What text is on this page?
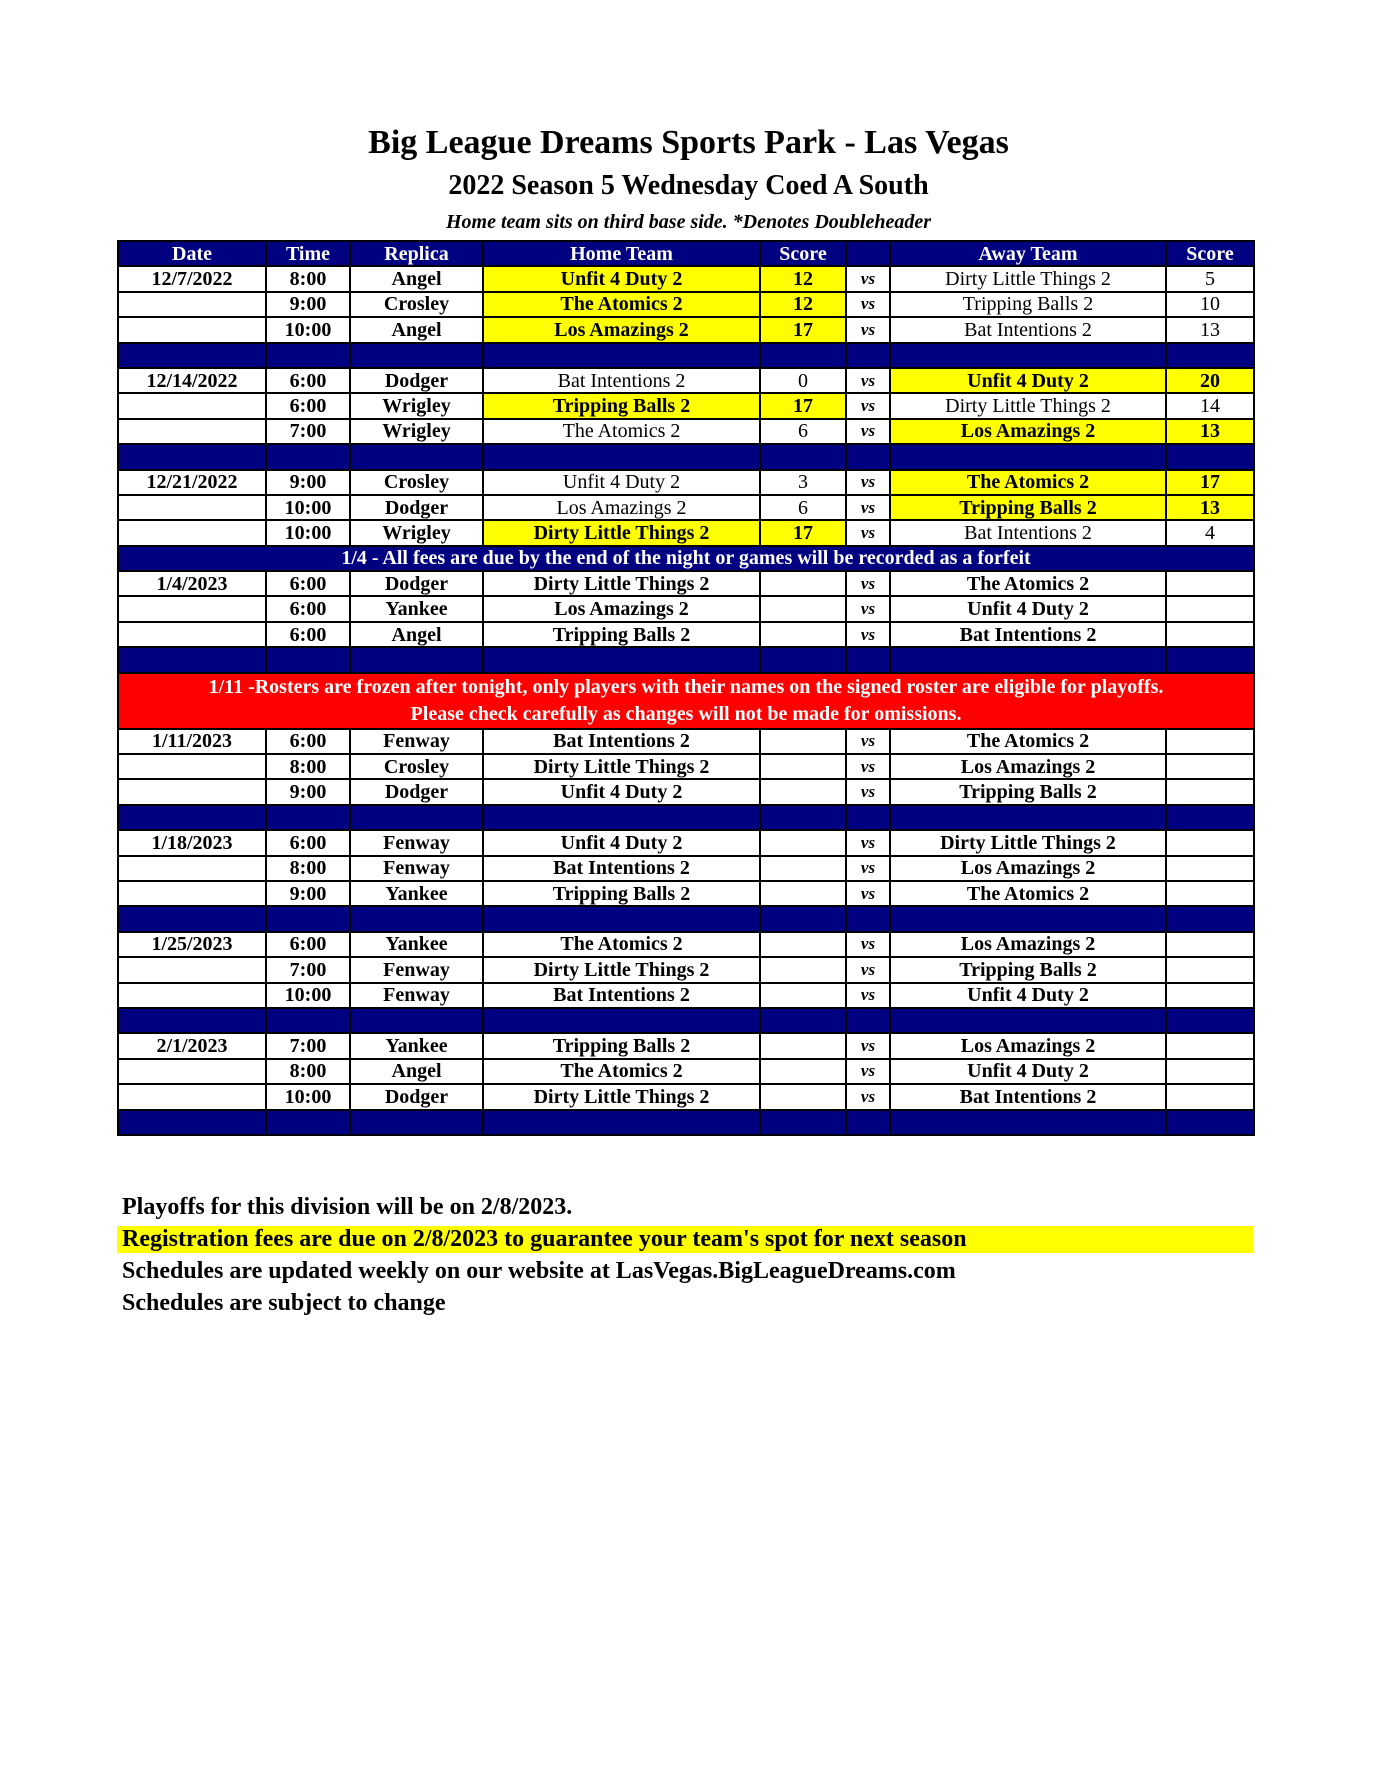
Big League Dreams Sports Park - Las Vegas
2022 Season 5 Wednesday Coed A South
Home team sits on third base side. *Denotes Doubleheader
Date	Time	Replica	Home Team	Score		Away Team	Score
12/7/2022	8:00	Angel	Unfit 4 Duty 2	12	vs	Dirty Little Things 2	5
	9:00	Crosley	The Atomics 2	12	vs	Tripping Balls 2	10
	10:00	Angel	Los Amazings 2	17	vs	Bat Intentions 2	13

12/14/2022	6:00	Dodger	Bat Intentions 2	0	vs	Unfit 4 Duty 2	20
	6:00	Wrigley	Tripping Balls 2	17	vs	Dirty Little Things 2	14
	7:00	Wrigley	The Atomics 2	6	vs	Los Amazings 2	13

12/21/2022	9:00	Crosley	Unfit 4 Duty 2	3	vs	The Atomics 2	17
	10:00	Dodger	Los Amazings 2	6	vs	Tripping Balls 2	13
	10:00	Wrigley	Dirty Little Things 2	17	vs	Bat Intentions 2	4
1/4 - All fees are due by the end of the night or games will be recorded as a forfeit							
1/4/2023	6:00	Dodger	Dirty Little Things 2		vs	The Atomics 2	
	6:00	Yankee	Los Amazings 2		vs	Unfit 4 Duty 2	
	6:00	Angel	Tripping Balls 2		vs	Bat Intentions 2	

1/11 -Rosters are frozen after tonight, only players with their names on the signed roster are eligible for playoffs.
Please check carefully as changes will not be made for omissions.							
1/11/2023	6:00	Fenway	Bat Intentions 2		vs	The Atomics 2	
	8:00	Crosley	Dirty Little Things 2		vs	Los Amazings 2	
	9:00	Dodger	Unfit 4 Duty 2		vs	Tripping Balls 2	

1/18/2023	6:00	Fenway	Unfit 4 Duty 2		vs	Dirty Little Things 2	
	8:00	Fenway	Bat Intentions 2		vs	Los Amazings 2	
	9:00	Yankee	Tripping Balls 2		vs	The Atomics 2	

1/25/2023	6:00	Yankee	The Atomics 2		vs	Los Amazings 2	
	7:00	Fenway	Dirty Little Things 2		vs	Tripping Balls 2	
	10:00	Fenway	Bat Intentions 2		vs	Unfit 4 Duty 2	

2/1/2023	7:00	Yankee	Tripping Balls 2		vs	Los Amazings 2	
	8:00	Angel	The Atomics 2		vs	Unfit 4 Duty 2	
	10:00	Dodger	Dirty Little Things 2		vs	Bat Intentions 2	

Playoffs for this division will be on 2/8/2023.
Registration fees are due on 2/8/2023 to guarantee your team's spot for next season
Schedules are updated weekly on our website at LasVegas.BigLeagueDreams.com
Schedules are subject to change
